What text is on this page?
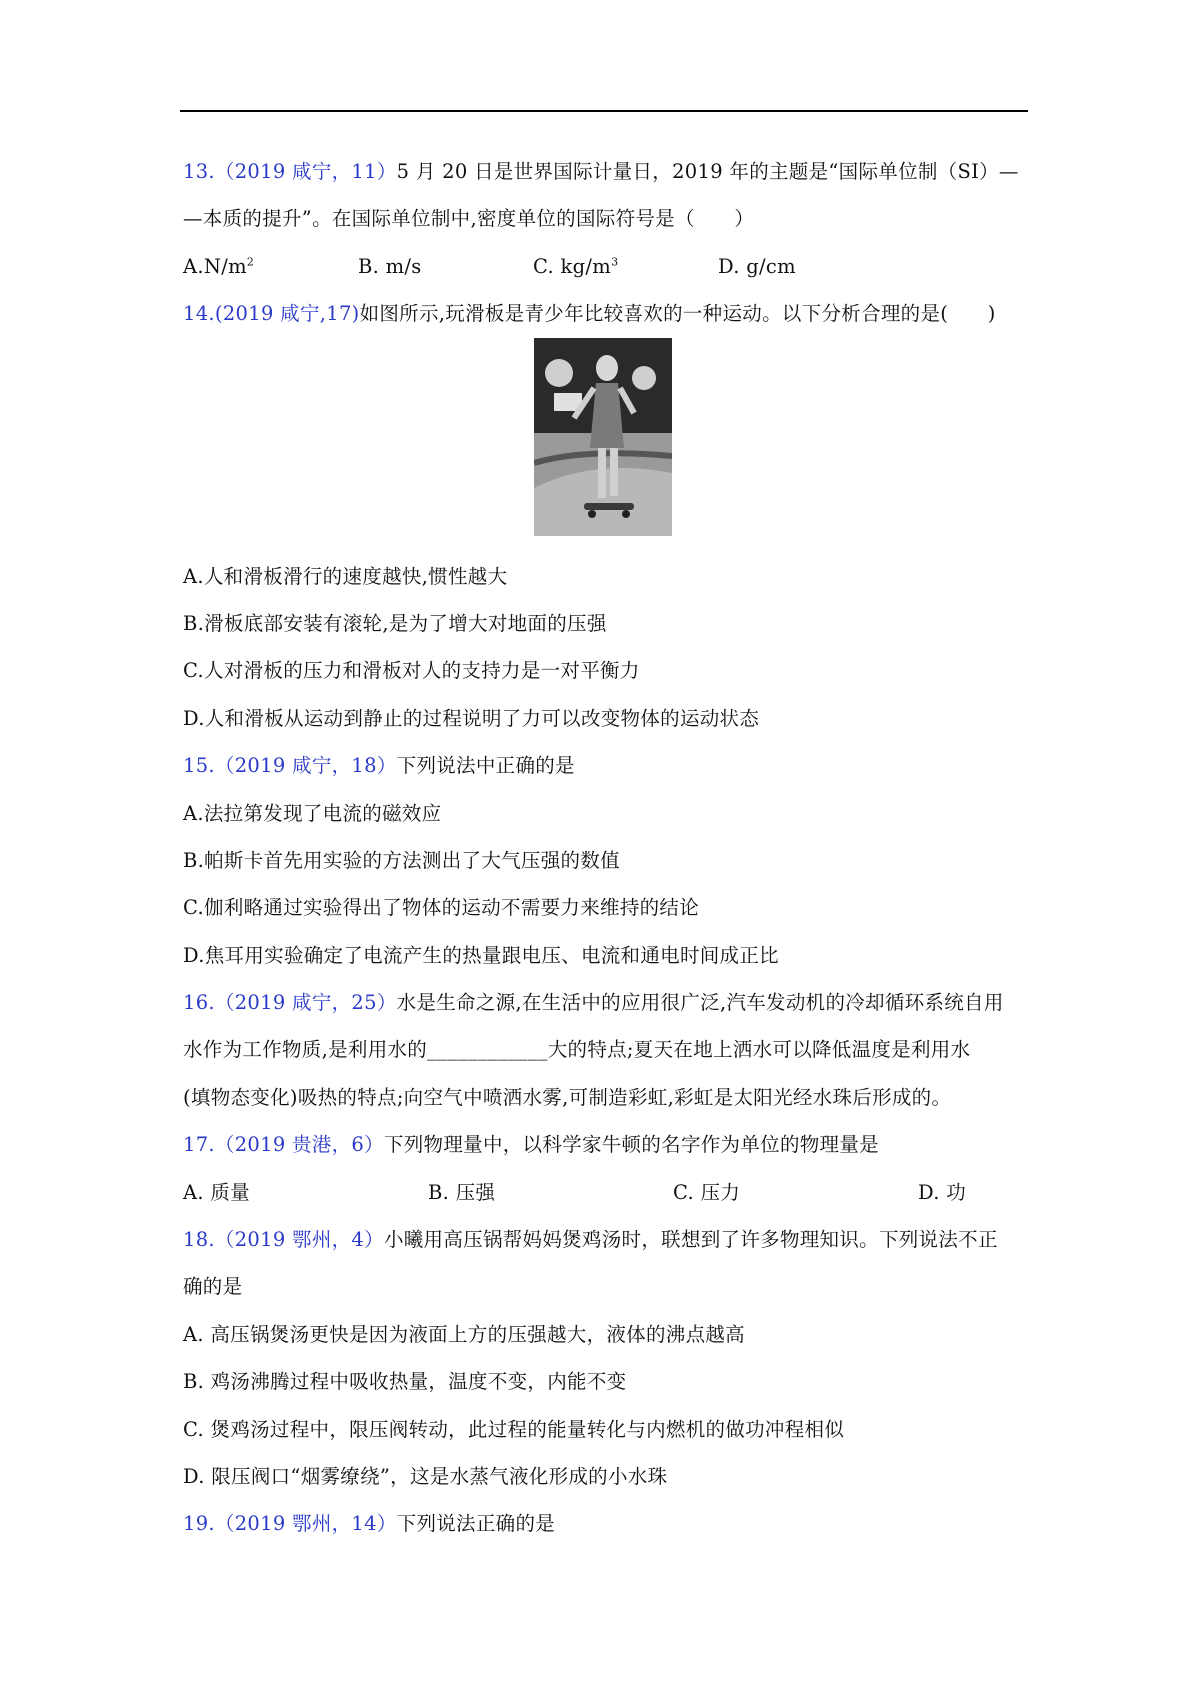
13.（2019 咸宁，11）5 月 20 日是世界国际计量日，2019 年的主题是“国际单位制（SI）—
—本质的提升”。在国际单位制中,密度单位的国际符号是（　　）
$A.N/m^2$	B. m/s	C. $kg/m^3$	D. g/cm
14.(2019 咸宁,17)如图所示,玩滑板是青少年比较喜欢的一种运动。以下分析合理的是(　　)
A.人和滑板滑行的速度越快,惯性越大
B.滑板底部安装有滚轮,是为了增大对地面的压强
C.人对滑板的压力和滑板对人的支持力是一对平衡力
D.人和滑板从运动到静止的过程说明了力可以改变物体的运动状态
15.（2019 咸宁，18）下列说法中正确的是
A.法拉第发现了电流的磁效应
B.帕斯卡首先用实验的方法测出了大气压强的数值
C.伽利略通过实验得出了物体的运动不需要力来维持的结论
D.焦耳用实验确定了电流产生的热量跟电压、电流和通电时间成正比
16.（2019 咸宁，25）水是生命之源,在生活中的应用很广泛,汽车发动机的冷却循环系统自用
水作为工作物质,是利用水的____________大的特点;夏天在地上洒水可以降低温度是利用水
(填物态变化)吸热的特点;向空气中喷洒水雾,可制造彩虹,彩虹是太阳光经水珠后形成的。
17.（2019 贵港，6）下列物理量中，以科学家牛顿的名字作为单位的物理量是
A. 质量	B. 压强	C. 压力	D. 功
18.（2019 鄂州，4）小曦用高压锅帮妈妈煲鸡汤时，联想到了许多物理知识。下列说法不正
确的是
A. 高压锅煲汤更快是因为液面上方的压强越大，液体的沸点越高
B. 鸡汤沸腾过程中吸收热量，温度不变，内能不变
C. 煲鸡汤过程中，限压阀转动，此过程的能量转化与内燃机的做功冲程相似
D. 限压阀口“烟雾缭绕”，这是水蒸气液化形成的小水珠
19.（2019 鄂州，14）下列说法正确的是
